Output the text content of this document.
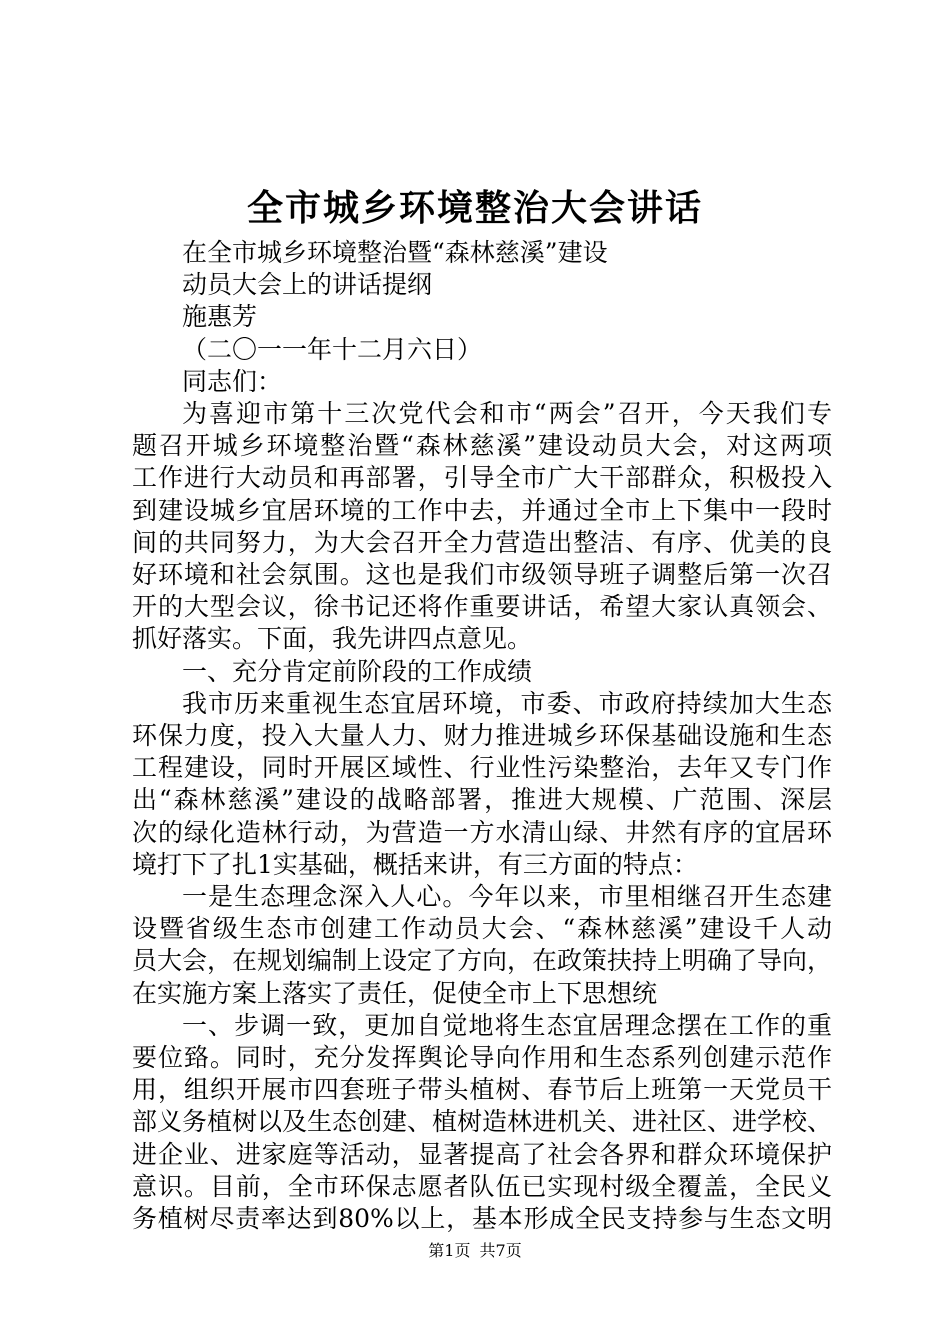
全市城乡环境整治大会讲话
在全市城乡环境整治暨“森林慈溪”建设
动员大会上的讲话提纲
施惠芳
（二〇一一年十二月六日）
同志们：
为喜迎市第十三次党代会和市“两会”召开，今天我们专
题召开城乡环境整治暨“森林慈溪”建设动员大会，对这两项
工作进行大动员和再部署，引导全市广大干部群众，积极投入
到建设城乡宜居环境的工作中去，并通过全市上下集中一段时
间的共同努力，为大会召开全力营造出整洁、有序、优美的良
好环境和社会氛围。这也是我们市级领导班子调整后第一次召
开的大型会议，徐书记还将作重要讲话，希望大家认真领会、
抓好落实。下面，我先讲四点意见。
一、充分肯定前阶段的工作成绩
我市历来重视生态宜居环境，市委、市政府持续加大生态
环保力度，投入大量人力、财力推进城乡环保基础设施和生态
工程建设，同时开展区域性、行业性污染整治，去年又专门作
出“森林慈溪”建设的战略部署，推进大规模、广范围、深层
次的绿化造林行动，为营造一方水清山绿、井然有序的宜居环
境打下了扎1实基础，概括来讲，有三方面的特点：
一是生态理念深入人心。今年以来，市里相继召开生态建
设暨省级生态市创建工作动员大会、“森林慈溪”建设千人动
员大会，在规划编制上设定了方向，在政策扶持上明确了导向，
在实施方案上落实了责任，促使全市上下思想统
一、步调一致，更加自觉地将生态宜居理念摆在工作的重
要位臵。同时，充分发挥舆论导向作用和生态系列创建示范作
用，组织开展市四套班子带头植树、春节后上班第一天党员干
部义务植树以及生态创建、植树造林进机关、进社区、进学校、
进企业、进家庭等活动，显著提高了社会各界和群众环境保护
意识。目前，全市环保志愿者队伍已实现村级全覆盖，全民义
务植树尽责率达到80%以上，基本形成全民支持参与生态文明
第1页 共7页
